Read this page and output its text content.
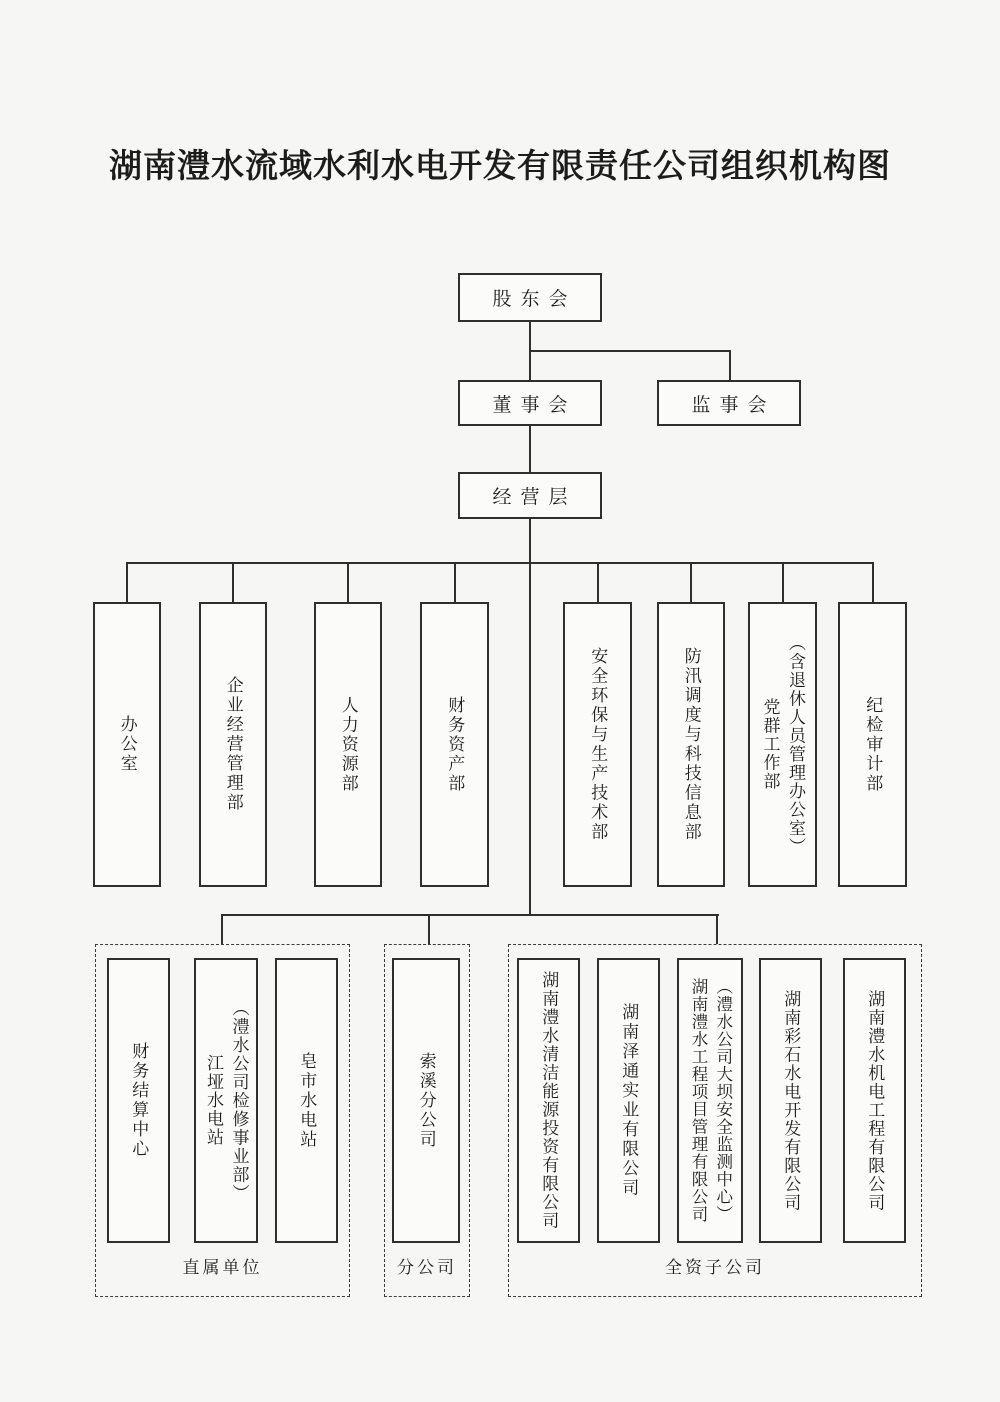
湖南澧水流域水利水电开发有限责任公司组织机构图
股东会
董事会	监事会
经营层
办公室	企业经营管理部	人力资源部	财务资产部	安全环保与生产技术部	防汛调度与科技信息部	（含退休人员管理办公室）
党群工作部	纪检审计部
财务结算中心	（澧水公司检修事业部）
江垭水电站	皂市水电站
直属单位
索溪分公司
分公司
湖南澧水清洁能源投资有限公司	湖南泽通实业有限公司	（澧水公司大坝安全监测中心）
湖南澧水工程项目管理有限公司	湖南彩石水电开发有限公司	湖南澧水机电工程有限公司
全资子公司
